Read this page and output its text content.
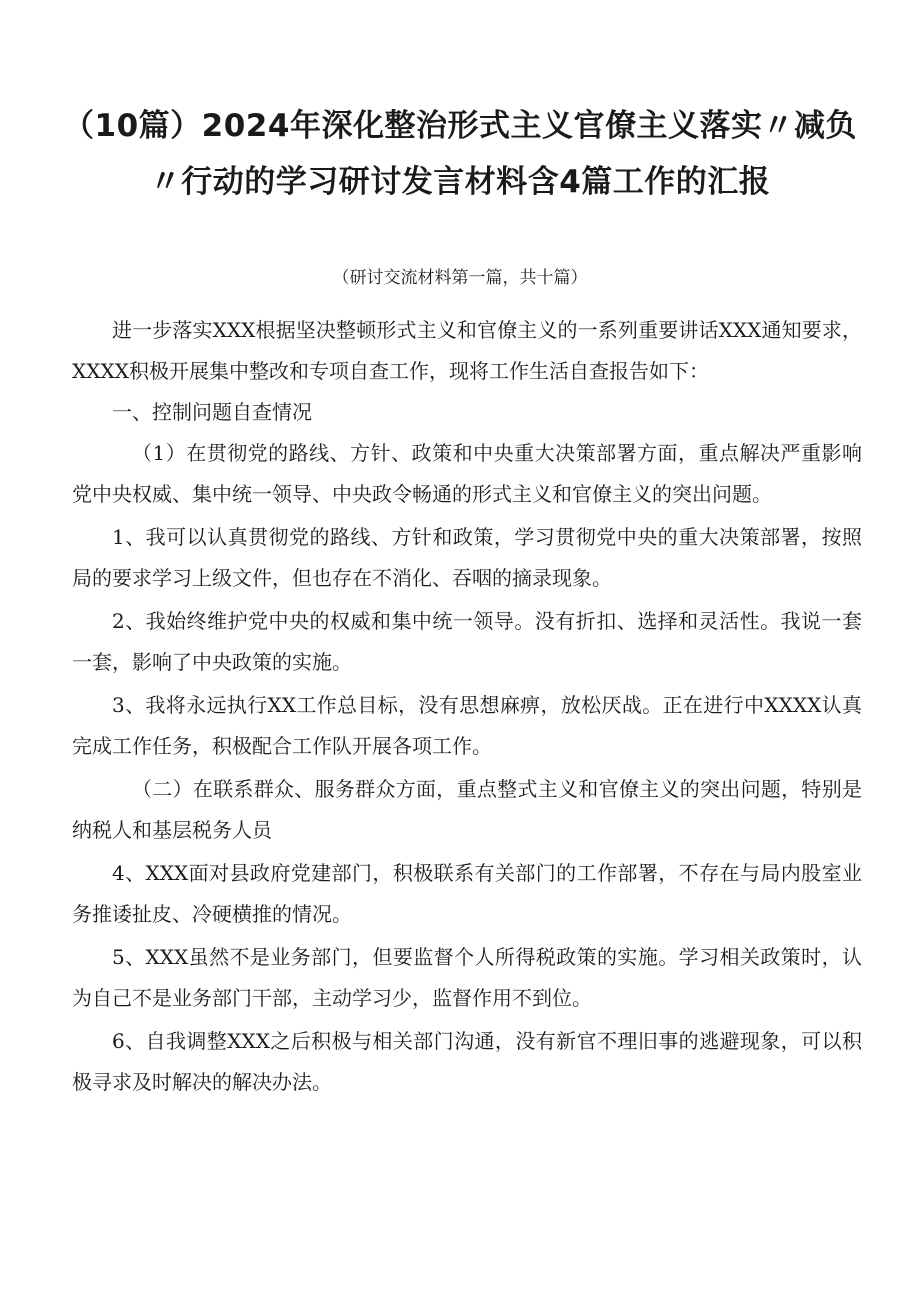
（10篇）2024年深化整治形式主义官僚主义落实〃减负〃行动的学习研讨发言材料含4篇工作的汇报
（研讨交流材料第一篇，共十篇）

进一步落实XXX根据坚决整顿形式主义和官僚主义的一系列重要讲话XXX通知要求，XXXX积极开展集中整改和专项自查工作，现将工作生活自查报告如下：

一、控制问题自查情况

（1）在贯彻党的路线、方针、政策和中央重大决策部署方面，重点解决严重影响党中央权威、集中统一领导、中央政令畅通的形式主义和官僚主义的突出问题。

1、我可以认真贯彻党的路线、方针和政策，学习贯彻党中央的重大决策部署，按照局的要求学习上级文件，但也存在不消化、吞咽的摘录现象。

2、我始终维护党中央的权威和集中统一领导。没有折扣、选择和灵活性。我说一套一套，影响了中央政策的实施。

3、我将永远执行XX工作总目标，没有思想麻痹，放松厌战。正在进行中XXXX认真完成工作任务，积极配合工作队开展各项工作。

（二）在联系群众、服务群众方面，重点整式主义和官僚主义的突出问题，特别是纳税人和基层税务人员

4、XXX面对县政府党建部门，积极联系有关部门的工作部署，不存在与局内股室业务推诿扯皮、冷硬横推的情况。

5、XXX虽然不是业务部门，但要监督个人所得税政策的实施。学习相关政策时，认为自己不是业务部门干部，主动学习少，监督作用不到位。

6、自我调整XXX之后积极与相关部门沟通，没有新官不理旧事的逃避现象，可以积极寻求及时解决的解决办法。
